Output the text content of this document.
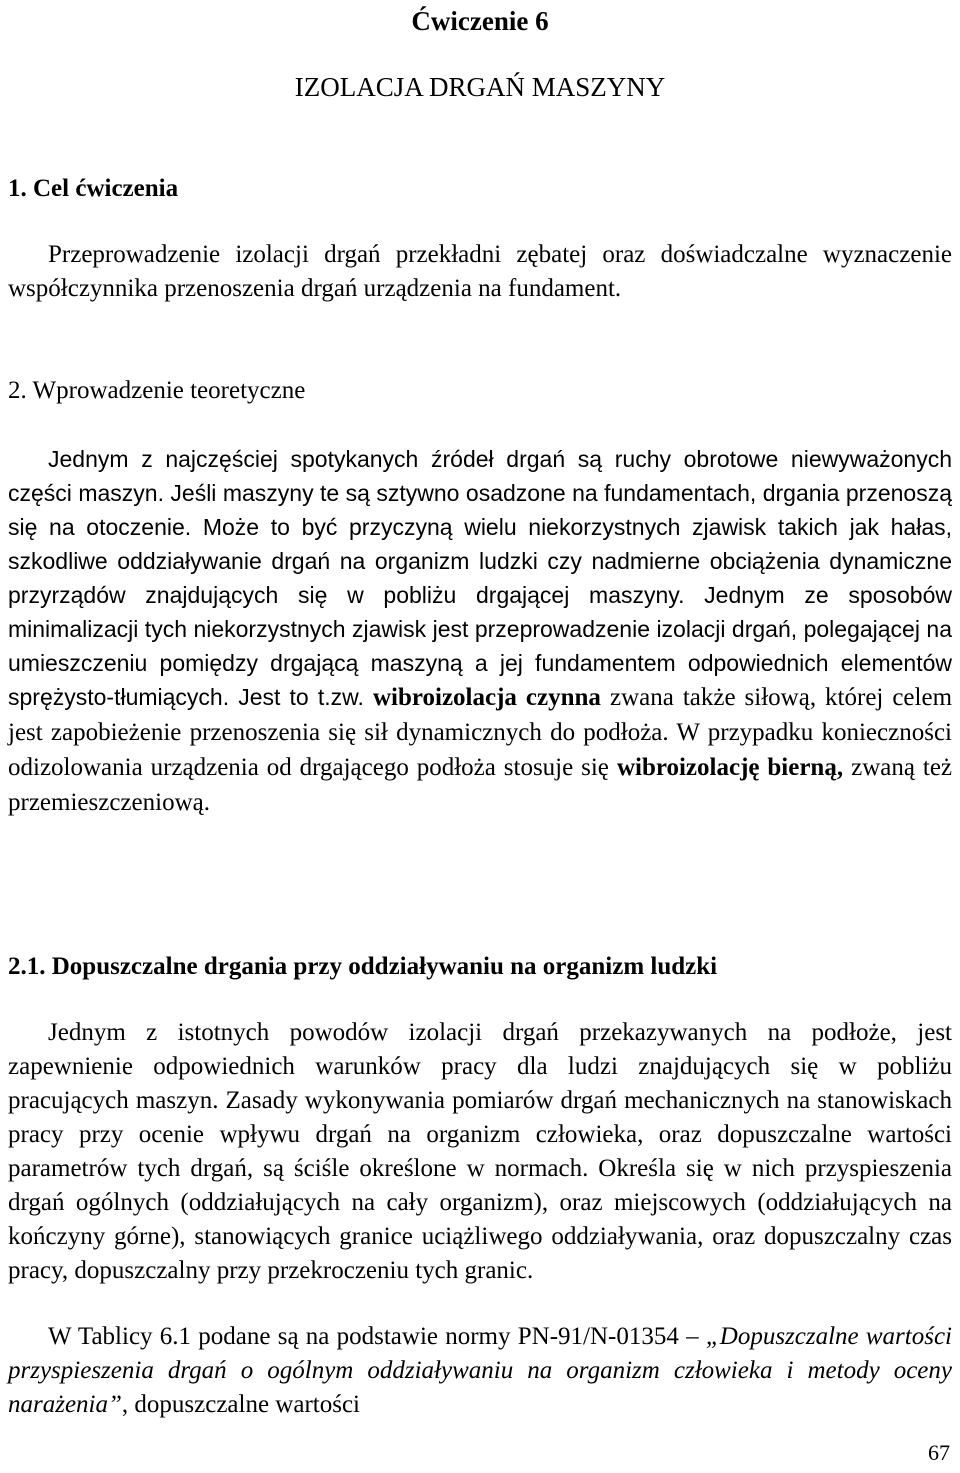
Ćwiczenie 6
IZOLACJA DRGAŃ MASZYNY
1. Cel ćwiczenia
Przeprowadzenie izolacji drgań przekładni zębatej oraz doświadczalne wyznaczenie współczynnika przenoszenia drgań urządzenia na fundament.
2. Wprowadzenie teoretyczne
Jednym z najczęściej spotykanych źródeł drgań są ruchy obrotowe niewyważonych części maszyn. Jeśli maszyny te są sztywno osadzone na fundamentach, drgania przenoszą się na otoczenie. Może to być przyczyną wielu niekorzystnych zjawisk takich jak hałas, szkodliwe oddziaływanie drgań na organizm ludzki czy nadmierne obciążenia dynamiczne przyrządów znajdujących się w pobliżu drgającej maszyny. Jednym ze sposobów minimalizacji tych niekorzystnych zjawisk jest przeprowadzenie izolacji drgań, polegającej na umieszczeniu pomiędzy drgającą maszyną a jej fundamentem odpowiednich elementów sprężysto-tłumiących. Jest to t.zw. wibroizolacja czynna zwana także siłową, której celem jest zapobieżenie przenoszenia się sił dynamicznych do podłoża. W przypadku konieczności odizolowania urządzenia od drgającego podłoża stosuje się wibroizolację bierną, zwaną też przemieszczeniową.
2.1. Dopuszczalne drgania przy oddziaływaniu na organizm ludzki
Jednym z istotnych powodów izolacji drgań przekazywanych na podłoże, jest zapewnienie odpowiednich warunków pracy dla ludzi znajdujących się w pobliżu pracujących maszyn. Zasady wykonywania pomiarów drgań mechanicznych na stanowiskach pracy przy ocenie wpływu drgań na organizm człowieka, oraz dopuszczalne wartości parametrów tych drgań, są ściśle określone w normach. Określa się w nich przyspieszenia drgań ogólnych (oddziałujących na cały organizm), oraz miejscowych (oddziałujących na kończyny górne), stanowiących granice uciążliwego oddziaływania, oraz dopuszczalny czas pracy, dopuszczalny przy przekroczeniu tych granic.
W Tablicy 6.1 podane są na podstawie normy PN-91/N-01354 – „Dopuszczalne wartości przyspieszenia drgań o ogólnym oddziaływaniu na organizm człowieka i metody oceny narażenia”, dopuszczalne wartości
67
